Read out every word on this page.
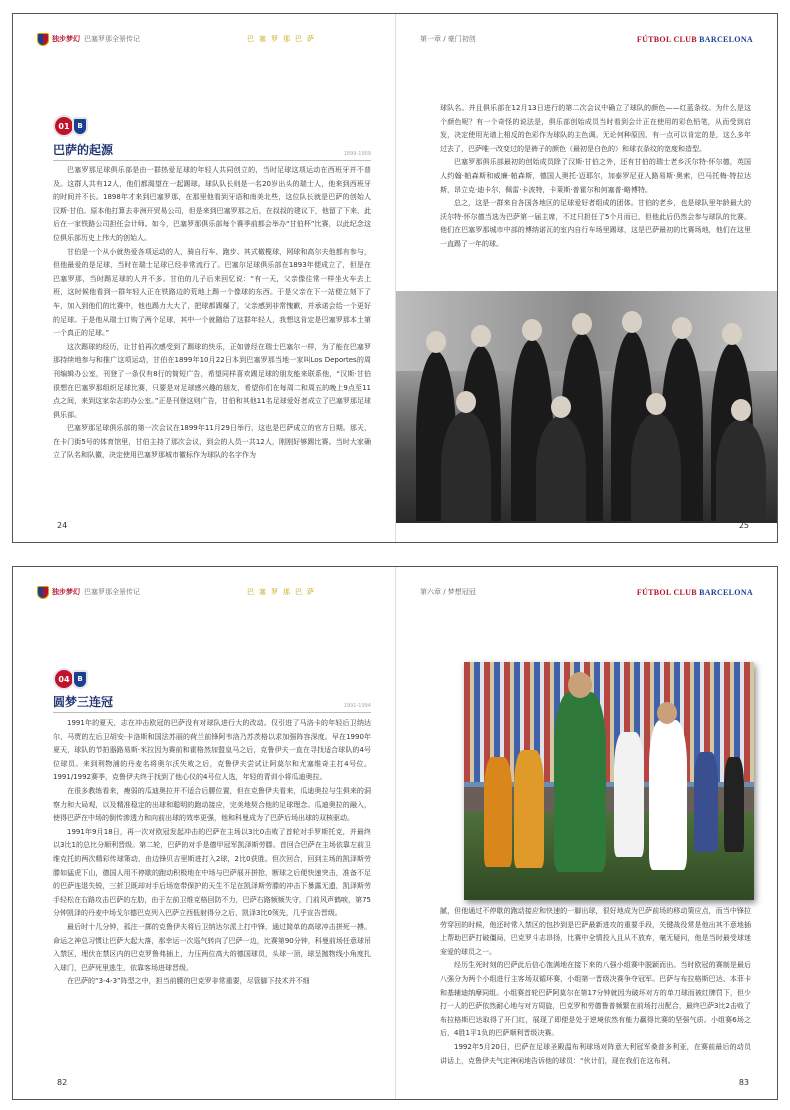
独步梦幻 巴塞罗那全景传记	巴塞罗那巴萨
01	B
巴萨的起源	1899-1909

巴塞罗那足球俱乐部是由一群热爱足球的年轻人共同创立的，当时足球这项运动在西班牙并不普及。这群人共有12人，他们都渴望在一起踢球。球队队长则是一名20岁出头的瑞士人，他来到西班牙的时间并不长。1898年才来到巴塞罗那，在那里他看到牙语和南美北些，这位队长就是巴萨的创始人汉斯·甘伯。原本他打算去非洲开贸易公司，但是来到巴塞罗那之后，在叔叔的建议下，他留了下来，此后在一家铁路公司担任会计师。如今，巴塞罗那俱乐部每个赛季前都会举办“甘伯杯”比赛，以此纪念这位俱乐部历史上伟大的创始人。

甘伯是一个从小就热爱各项运动的人，骑自行车、跑步、其式橄榄球，网球和高尔夫他都有参与，但他最爱的是足球，当时在瑞士足球已经非常流行了。巴塞尔足球俱乐部在1893年便成立了，但是在巴塞罗那，当时踢足球的人并不多。甘伯的儿子后来回忆说：“有一天，父亲像往常一样坐火车去上班，这时候他看到一群年轻人正在铁路边的荒地上踢一个像球的东西。于是父亲在下一站便立刻下了车，加入到他们的比赛中，他也踢力大大了，把球都踢爆了，父亲感到非常愧歉，并承诺会给一个更好的足球。于是他从瑞士订购了两个足球，其中一个就随给了这群年轻人，我想这肯定是巴塞罗那本土第一个真正的足球。”

这次踢球的经历，让甘伯再次感受到了踢球的快乐，正如曾经在瑞士巴塞尔一样，为了能在巴塞罗那持续地参与和推广这项运动，甘伯在1899年10月22日本到巴塞罗那当地一家叫Los Deportes的周刊编辑办公室，刊登了一条仅有8行的简短广告，希望同样喜欢踢足球的朋友能来联系他，“汉斯·甘伯很想在巴塞罗那组织足球比赛，只要是对足球感兴趣的朋友，希望你们在每周二和周五的晚上9点至11点之间，来到这家杂志的办公室。”正是刊登这则广告，甘伯和其他11名足球爱好者成立了巴塞罗那足球俱乐部。

巴塞罗那足球俱乐部的第一次会议在1899年11月29日举行，这也是巴萨成立的官方日期。那天，在卡门街5号的体育馆里，甘伯主持了那次会议，到会的人员一共12人，刚刚好够踢比赛。当时大家确立了队名和队徽，决定使用巴塞罗那城市徽标作为球队的名字作为

24
第一章 / 豪门初创	FÚTBOL CLUB BARCELONA

球队名。并且俱乐部在12月13日进行的第二次会议中确立了球队的颜色——红蓝条纹。为什么是这个颜色呢？有一个奇怪的说法是，俱乐部创始成员当时看到会计正在使用的彩色铅笔，从而受到启发，决定使用光谱上相反的色彩作为球队的主色调。无论何种原因，有一点可以肯定的是，这么多年过去了，巴萨唯一改变过的是裤子的颜色（最初是白色的）和球衣条纹的宽度和造型。

巴塞罗那俱乐部最初的创始成员除了汉斯·甘伯之外，还有甘伯的瑞士老乡沃尔特·怀尔德，英国人约翰·帕森斯和威廉·帕森斯，德国人奥托·迈耶尔，加泰罗尼亚人路易斯·奥索，巴马托梅·特拉达斯，昂立克·迪卡尔，佩雷·卡波特，卡莱斯·普霍尔和何塞普·略博特。

总之，这是一群来自各国各地区的足球爱好者组成的团体。甘伯的老乡，也是球队里年龄最大的沃尔特·怀尔德当选为巴萨第一届主席，不过只担任了5个月而已，但他此后仍然会参与球队的比赛。他们在巴塞罗那城市中部的博纳诺瓦的室内自行车场里踢球，这是巴萨最初的比赛场地，他们在这里一直踢了一年的球。

25
独步梦幻 巴塞罗那全景传记	巴塞罗那巴萨
04	B
圆梦三连冠	1991-1994

1991年的夏天，志在冲击欧冠的巴萨没有对球队进行大的改动。仅引进了马洛卡的年轻后卫纳达尔、马贾的左后卫胡安·卡洛斯和国法苏丽的荷兰前锋阿韦洛乃苏茨格以求加强阵容深度。早在1990年夏天，球队的节拍器路易斯·米拉因为赛前和霍格然加盟皇马之后，克鲁伊夫一直在寻找适合球队的4号位球员。来到利物浦的丹麦名将奥尔沃失败之后，克鲁伊夫尝试让阿莫尔和尤塞维奇主打4号位。1991/1992赛季，克鲁伊夫终于找到了他心仪的4号位人选，年轻的青训小将瓜迪奥拉。

在很多教练看来，瘦弱的瓜迪奥拉并不适合后腰位置，但在克鲁伊夫看来，瓜迪奥拉与生俱来的洞察力和大局观，以及精准稳定的出球和聪明的跑动接应，完美地契合他的足球理念。瓜迪奥拉的融入，使得巴萨在中场的倒传渗透力和向前出球的效率更强，他和科曼成为了巴萨后场出球的双核驱动。

1991年9月18日，再一次对欧冠发起冲击的巴萨在主场以3比0击败了首轮对手罗斯托克，并最终以3比1的总比分顺利晋级。第二轮，巴萨的对手是德甲冠军凯泽斯劳滕。首回合巴萨在主场依靠左前卫维克托的两次精彩传球策动，由边锋贝吉里斯进打入2球，2比0获胜。但次回合，回到主场的凯泽斯劳滕如猛虎下山，德国人用不停歇的跑动积极地在中场与巴萨展开拼抢，断球之后便快速突击，准备不足的巴萨连退失锐，三折卫既却对手后场宽带保护的天生不足在凯泽斯劳滕的冲击下暴露无遗，凯泽斯劳手轻松在右路攻击巴萨的左肋，由于左前卫维克格回防不力，巴萨右路频频失守，门前风声鹤唳，第75分钟凯泽的丹麦中场戈尔德巴克列入巴萨立西低射得分之后，凯泽3比0领先，几乎宣告晋级。

最后时十几分钟，孤注一掷的克鲁伊夫将后卫纳达尔派上打中锋，通过简单的高球冲击拼死一搏。命运之神总习惯让巴萨大起大落，那幸运一次巡气转向了巴萨一边，比赛第90分钟，科曼前场任意球吊入禁区，埋伏在禁区内的巴克罗鲁弗插上，力压两位高大的德国球员，头球一顶，球呈抛物线小角度扎入球门，巴萨死里逃生，依靠客场进球晋级。

在巴萨的“3-4-3”阵型之中，担当前腰的巴克罗非常重要，尽管脚下技术并不细

82
第六章 / 梦想冠冠	FÚTBOL CLUB BARCELONA

腻，但他通过不停歇的跑动接应和快速的一脚出球，很好地成为巴萨前场的移动策应点，而当中锋拉劳穿回的时候，他还时常入禁区的包抄到是巴萨最新进攻的重要手段，关键战役常是他出其不意地插上帮助巴萨打破僵局，巴克罗斗志昂扬，比赛中全情投入且从不放弃，毫无疑问，他是当时最受球迷宠爱的球员之一。

经历生死时刻的巴萨此后信心饱满地在接下来的八强小组赛中脱颖而出。当时欧冠的赛制是最后八强分为两个小组进行主客场双循环赛，小组第一晋级决赛争夺冠军。巴萨与布拉格斯巴达、本菲卡和基辅迪纳摩同组。小组赛首轮巴萨阿莫尔在第17分钟就因为破坏对方的单刀球而被红牌罚下，但少打一人的巴萨依然耐心地与对方周旋，巴克罗和劳德鲁普频繁在前场打出配合，最终巴萨3比2击败了布拉格斯巴达取得了开门红，展现了即便是处于逆境依然有能力赢得比赛的坚强气质。小组赛6场之后，4胜1平1负的巴萨顺利晋级决赛。

1992年5月20日，巴萨在足球圣殿温布利球场对阵意大利冠军桑普多利亚，在赛前最后的动员讲话上，克鲁伊夫气定神闲地告诉他的球员：“伙计们，现在我们在这布利。

83
